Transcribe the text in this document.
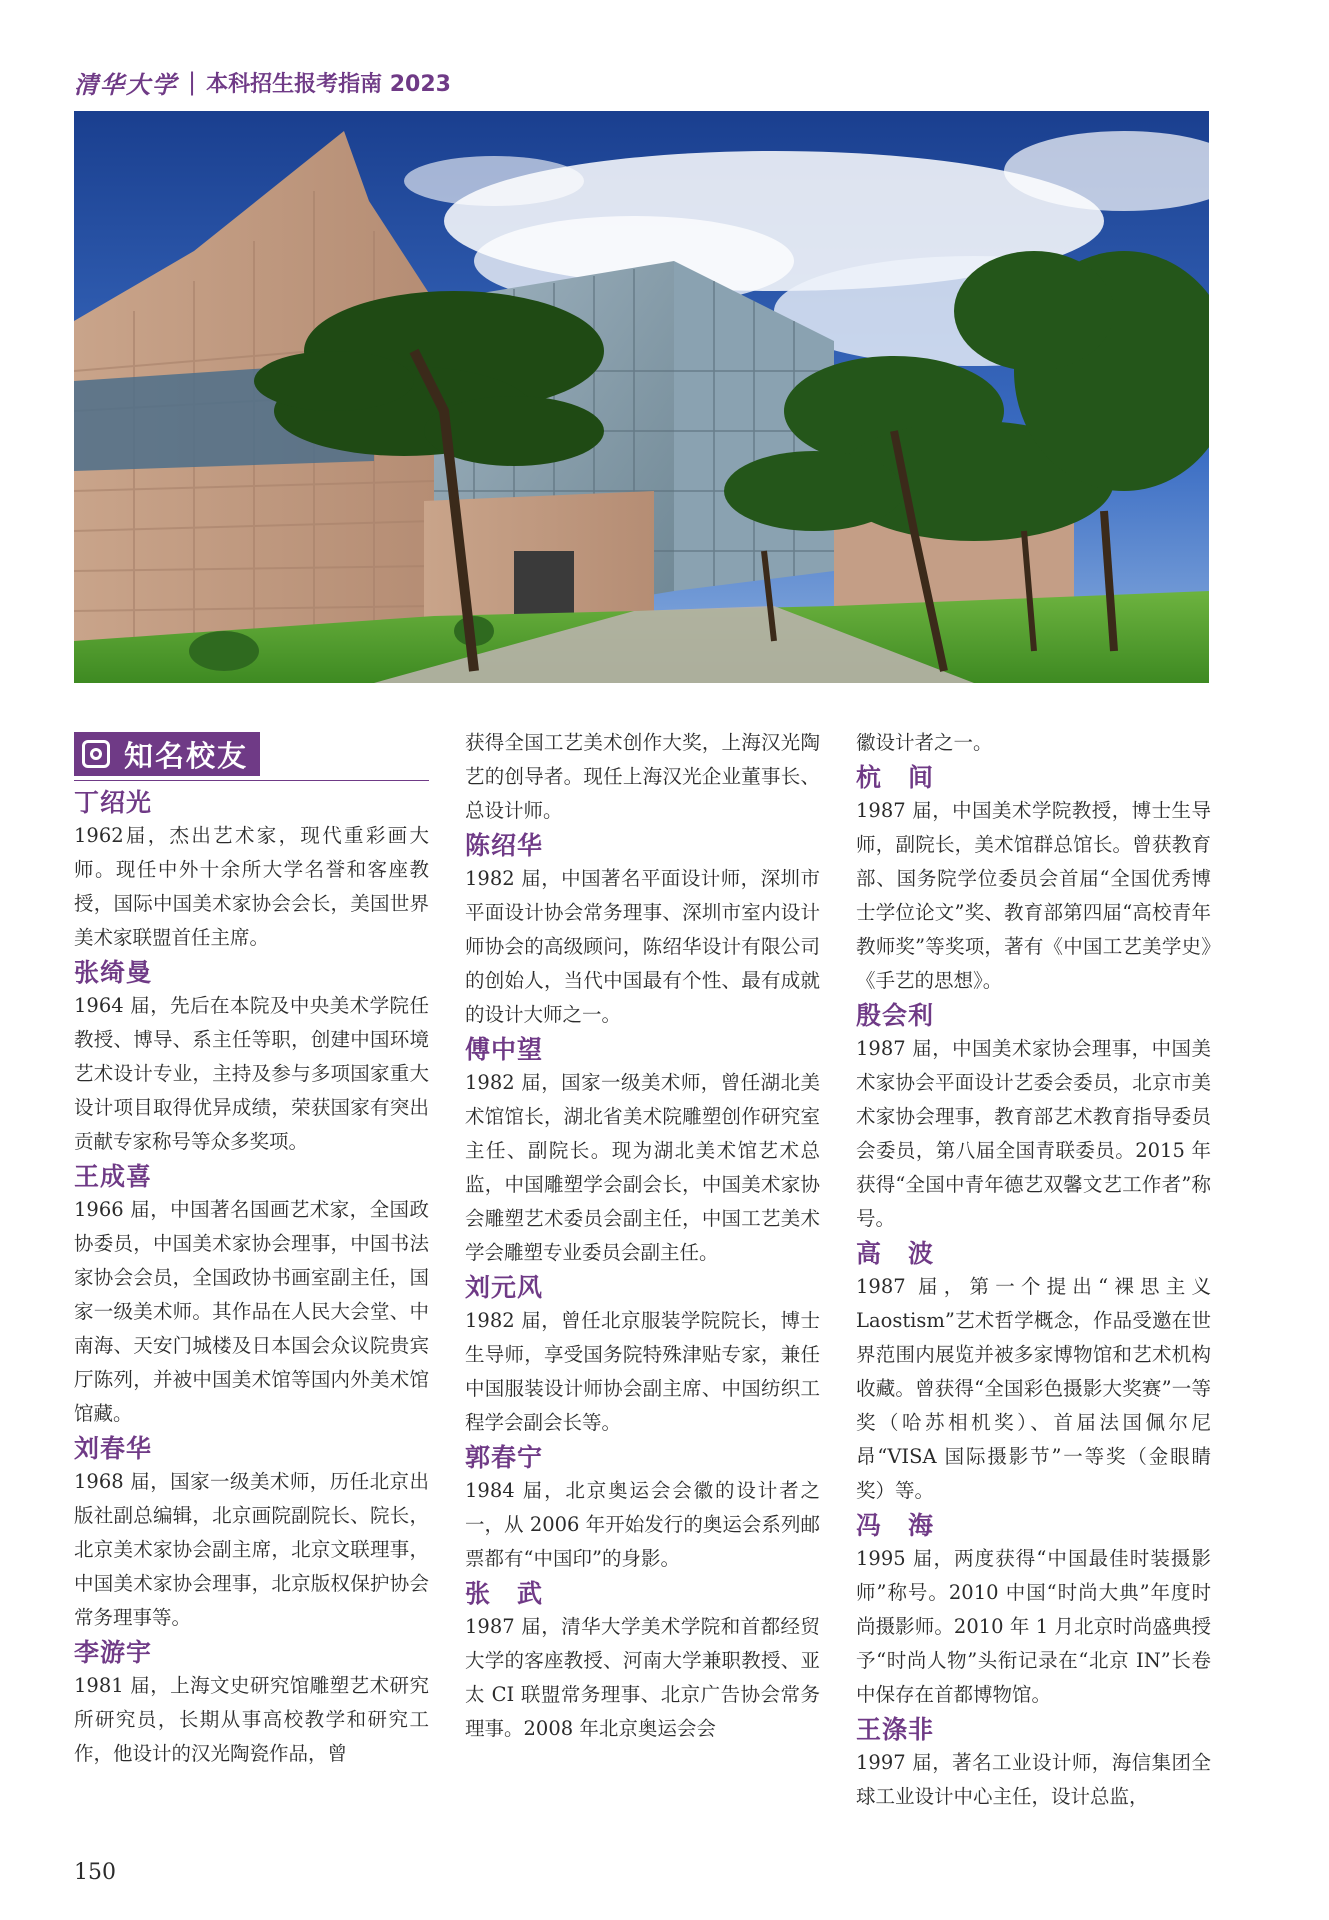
清华大学 | 本科招生报考指南 2023
知名校友
丁绍光

1962届，杰出艺术家，现代重彩画大师。现任中外十余所大学名誉和客座教授，国际中国美术家协会会长，美国世界美术家联盟首任主席。

张绮曼

1964 届，先后在本院及中央美术学院任教授、博导、系主任等职，创建中国环境艺术设计专业，主持及参与多项国家重大设计项目取得优异成绩，荣获国家有突出贡献专家称号等众多奖项。

王成喜

1966 届，中国著名国画艺术家，全国政协委员，中国美术家协会理事，中国书法家协会会员，全国政协书画室副主任，国家一级美术师。其作品在人民大会堂、中南海、天安门城楼及日本国会众议院贵宾厅陈列，并被中国美术馆等国内外美术馆馆藏。

刘春华

1968 届，国家一级美术师，历任北京出版社副总编辑，北京画院副院长、院长，北京美术家协会副主席，北京文联理事，中国美术家协会理事，北京版权保护协会常务理事等。

李游宇

1981 届，上海文史研究馆雕塑艺术研究所研究员，长期从事高校教学和研究工作，他设计的汉光陶瓷作品，曾

获得全国工艺美术创作大奖，上海汉光陶艺的创导者。现任上海汉光企业董事长、总设计师。

陈绍华

1982 届，中国著名平面设计师，深圳市平面设计协会常务理事、深圳市室内设计师协会的高级顾问，陈绍华设计有限公司的创始人，当代中国最有个性、最有成就的设计大师之一。

傅中望

1982 届，国家一级美术师，曾任湖北美术馆馆长，湖北省美术院雕塑创作研究室主任、副院长。现为湖北美术馆艺术总监，中国雕塑学会副会长，中国美术家协会雕塑艺术委员会副主任，中国工艺美术学会雕塑专业委员会副主任。

刘元风

1982 届，曾任北京服装学院院长，博士生导师，享受国务院特殊津贴专家，兼任中国服装设计师协会副主席、中国纺织工程学会副会长等。

郭春宁

1984 届，北京奥运会会徽的设计者之一，从 2006 年开始发行的奥运会系列邮票都有“中国印”的身影。

张　武

1987 届，清华大学美术学院和首都经贸大学的客座教授、河南大学兼职教授、亚太 CI 联盟常务理事、北京广告协会常务理事。2008 年北京奥运会会

徽设计者之一。

杭　间

1987 届，中国美术学院教授，博士生导师，副院长，美术馆群总馆长。曾获教育部、国务院学位委员会首届“全国优秀博士学位论文”奖、教育部第四届“高校青年教师奖”等奖项，著有《中国工艺美学史》《手艺的思想》。

殷会利

1987 届，中国美术家协会理事，中国美术家协会平面设计艺委会委员，北京市美术家协会理事，教育部艺术教育指导委员会委员，第八届全国青联委员。2015 年获得“全国中青年德艺双馨文艺工作者”称号。

高　波

1987 届，第一个提出“裸思主义 Laostism”艺术哲学概念，作品受邀在世界范围内展览并被多家博物馆和艺术机构收藏。曾获得“全国彩色摄影大奖赛”一等奖（哈苏相机奖）、首届法国佩尔尼昂“VISA 国际摄影节”一等奖（金眼睛奖）等。

冯　海

1995 届，两度获得“中国最佳时装摄影师”称号。2010 中国“时尚大典”年度时尚摄影师。2010 年 1 月北京时尚盛典授予“时尚人物”头衔记录在“北京 IN”长卷中保存在首都博物馆。

王涤非

1997 届，著名工业设计师，海信集团全球工业设计中心主任，设计总监，

150
